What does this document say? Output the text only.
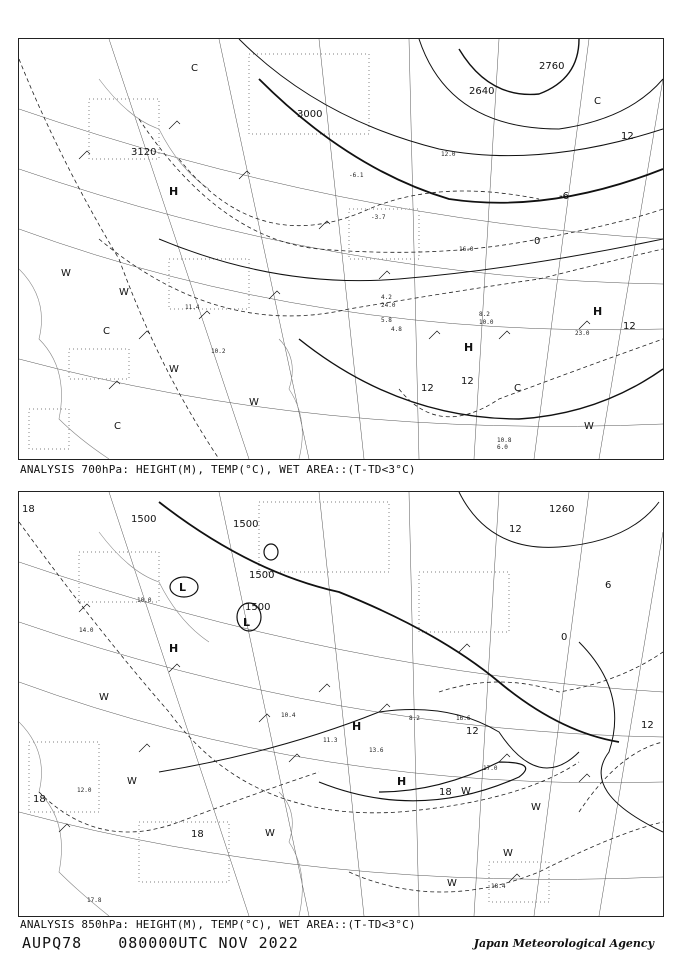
3000
3120
2640
2760
12
12
12
0
-6
12
H
H
H
W
W
W
W
W
C
C
C
C
C
11.4
10.2
5.8
8.2
4.2
12.0
10.8
-3.7
-6.1
16.0
4.8
6.0
10.0
24.0
23.0
ANALYSIS 700hPa: HEIGHT(M), TEMP(°C), WET AREA::(T-TD<3°C)
1500	1500
1500
1500
1260
18
18
18
18
12
12
0
6
12
L
L
H
H
H
W
W
W
W
W
W
W
17.0
13.6
11.3
10.4	8.2	16.6
18.4
17.8
14.0
12.0
10.0
ANALYSIS 850hPa: HEIGHT(M), TEMP(°C), WET AREA::(T-TD<3°C)
AUPQ78 080000UTC NOV 2022	Japan Meteorological Agency
